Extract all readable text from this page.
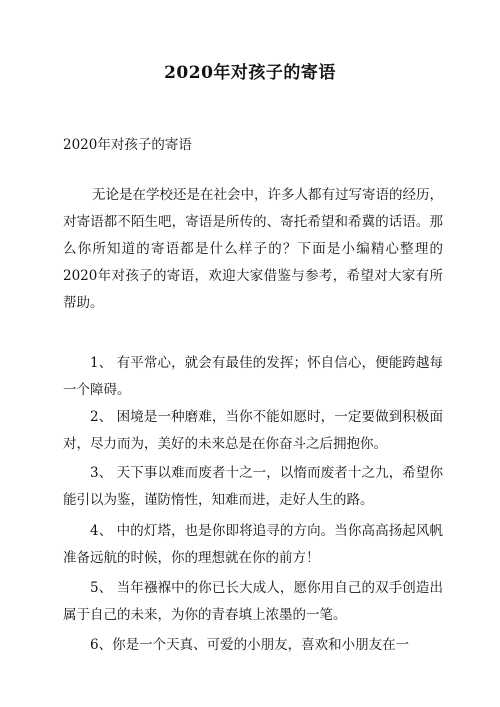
2020年对孩子的寄语
2020年对孩子的寄语

无论是在学校还是在社会中，许多人都有过写寄语的经历，对寄语都不陌生吧，寄语是所传的、寄托希望和希冀的话语。那么你所知道的寄语都是什么样子的？下面是小编精心整理的2020年对孩子的寄语，欢迎大家借鉴与参考，希望对大家有所帮助。

1、 有平常心，就会有最佳的发挥；怀自信心，便能跨越每一个障碍。

2、 困境是一种磨难，当你不能如愿时，一定要做到积极面对，尽力而为，美好的未来总是在你奋斗之后拥抱你。

3、 天下事以难而废者十之一，以惰而废者十之九，希望你能引以为鉴，谨防惰性，知难而进，走好人生的路。

4、 中的灯塔，也是你即将追寻的方向。当你高高扬起风帆准备远航的时候，你的理想就在你的前方！

5、 当年襁褓中的你已长大成人，愿你用自己的双手创造出属于自己的未来，为你的青春填上浓墨的一笔。

6、你是一个天真、可爱的小朋友，喜欢和小朋友在一
